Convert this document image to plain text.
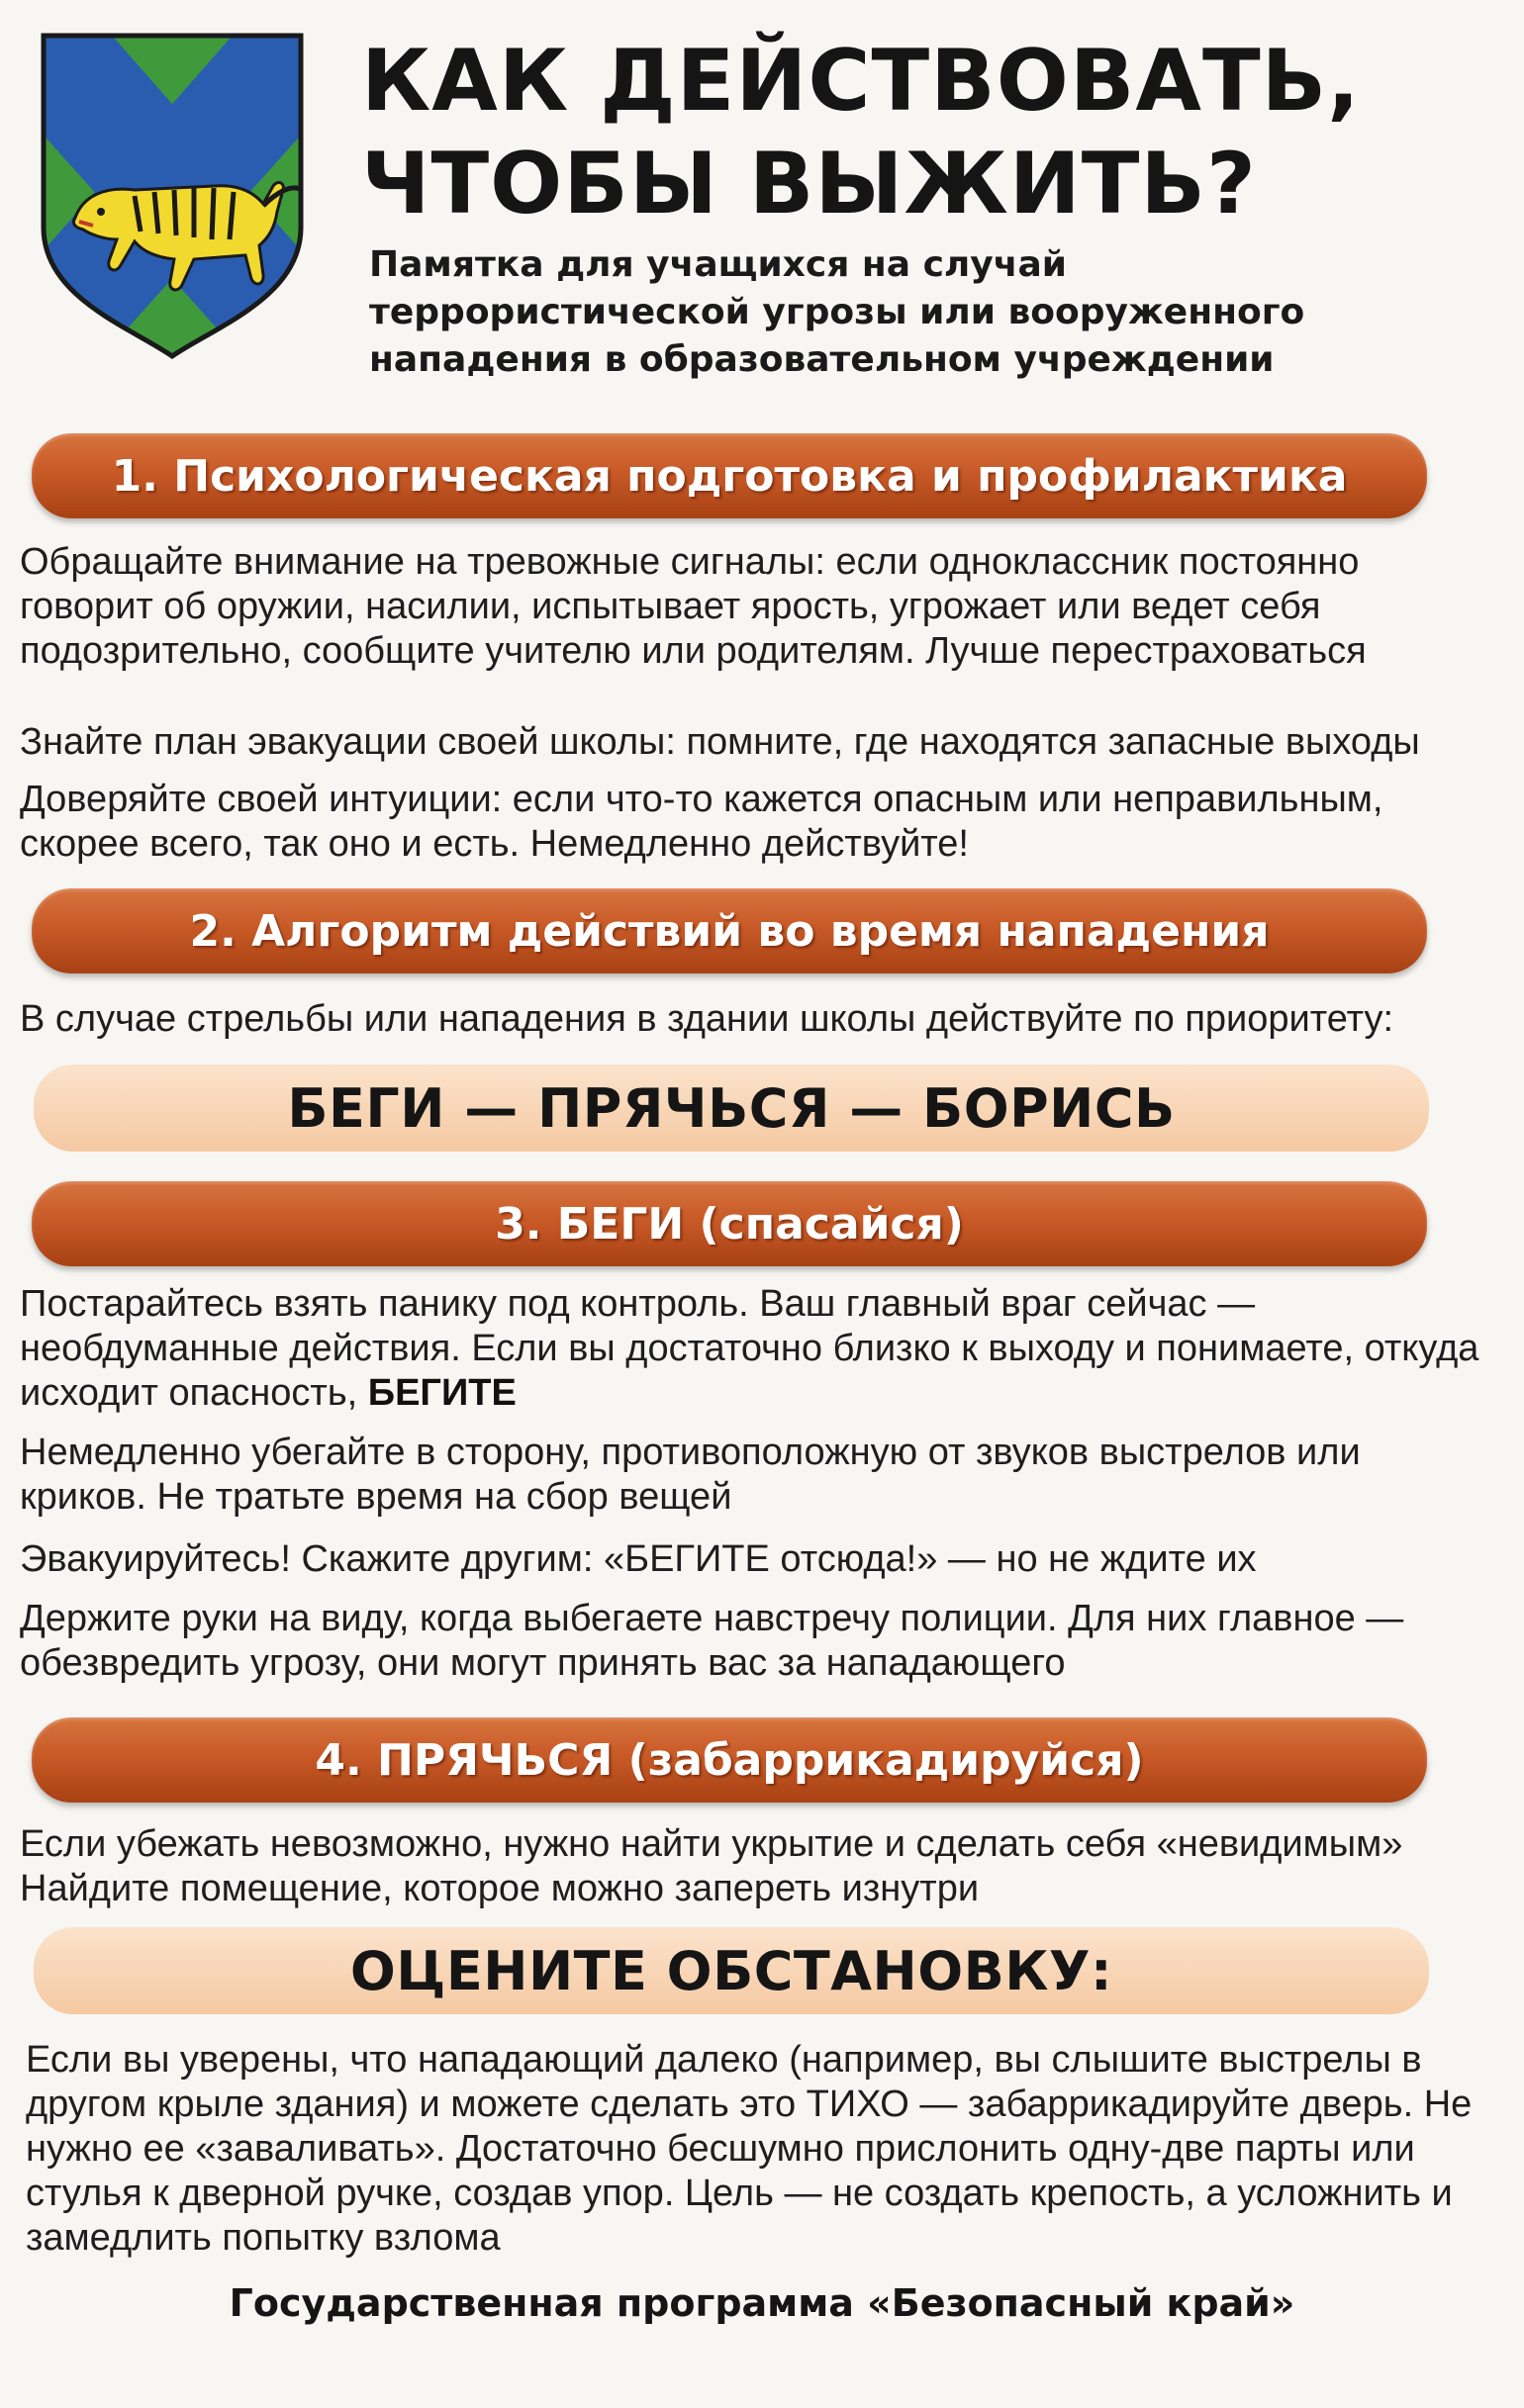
КАК ДЕЙСТВОВАТЬ,
ЧТОБЫ ВЫЖИТЬ?

Памятка для учащихся на случай террористической угрозы или вооруженного нападения в образовательном учреждении

1. Психологическая подготовка и профилактика

Обращайте внимание на тревожные сигналы: если одноклассник постоянно говорит об оружии, насилии, испытывает ярость, угрожает или ведет себя подозрительно, сообщите учителю или родителям. Лучше перестраховаться

Знайте план эвакуации своей школы: помните, где находятся запасные выходы

Доверяйте своей интуиции: если что-то кажется опасным или неправильным, скорее всего, так оно и есть. Немедленно действуйте!

2. Алгоритм действий во время нападения

В случае стрельбы или нападения в здании школы действуйте по приоритету:

БЕГИ — ПРЯЧЬСЯ — БОРИСЬ
3. БЕГИ (спасайся)

Постарайтесь взять панику под контроль. Ваш главный враг сейчас — необдуманные действия. Если вы достаточно близко к выходу и понимаете, откуда исходит опасность, БЕГИТЕ

Немедленно убегайте в сторону, противоположную от звуков выстрелов или криков. Не тратьте время на сбор вещей

Эвакуируйтесь! Скажите другим: «БЕГИТЕ отсюда!» — но не ждите их

Держите руки на виду, когда выбегаете навстречу полиции. Для них главное — обезвредить угрозу, они могут принять вас за нападающего

4. ПРЯЧЬСЯ (забаррикадируйся)

Если убежать невозможно, нужно найти укрытие и сделать себя «невидимым» Найдите помещение, которое можно запереть изнутри

ОЦЕНИТЕ ОБСТАНОВКУ:

Если вы уверены, что нападающий далеко (например, вы слышите выстрелы в другом крыле здания) и можете сделать это ТИХО — забаррикадируйте дверь. Не нужно ее «заваливать». Достаточно бесшумно прислонить одну-две парты или стулья к дверной ручке, создав упор. Цель — не создать крепость, а усложнить и замедлить попытку взлома

Государственная программа «Безопасный край»
